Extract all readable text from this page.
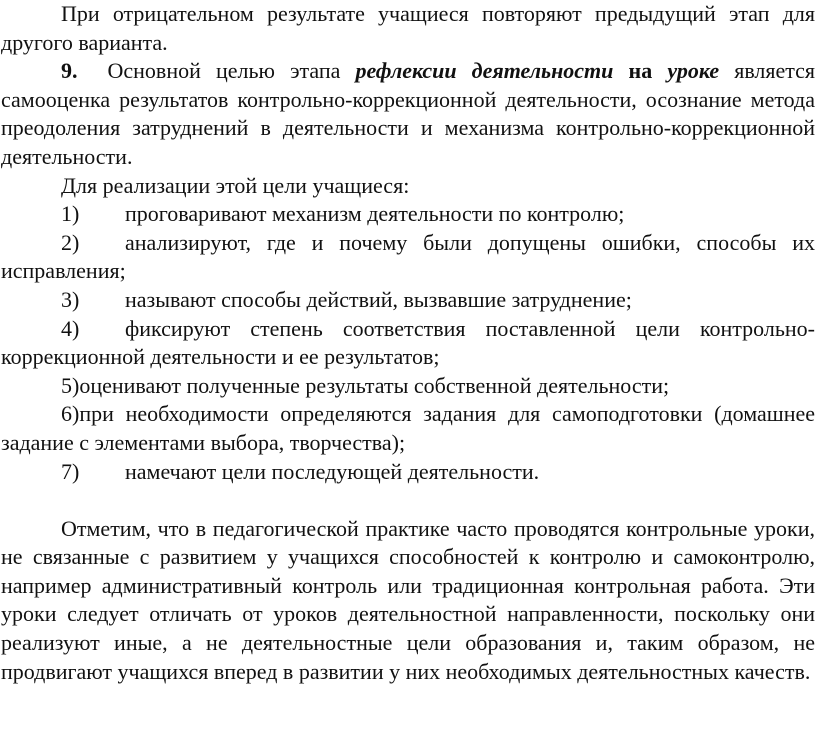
При отрицательном результате учащиеся повторяют предыдущий этап для другого варианта.

9. Основной целью этапа рефлексии деятельности на уроке является самооценка результатов контрольно-коррекционной деятельности, осознание метода преодоления затруднений в деятельности и механизма контрольно-коррекционной деятельности.

Для реализации этой цели учащиеся:

1) проговаривают механизм деятельности по контролю;

2) анализируют, где и почему были допущены ошибки, способы их исправления;

3) называют способы действий, вызвавшие затруднение;

4) фиксируют степень соответствия поставленной цели контрольно-коррекционной деятельности и ее результатов;

5)оценивают полученные результаты собственной деятельности;

6)при необходимости определяются задания для самоподготовки (домашнее задание с элементами выбора, творчества);

7) намечают цели последующей деятельности.

Отметим, что в педагогической практике часто проводятся контрольные уроки, не связанные с развитием у учащихся способностей к контролю и самоконтролю, например административный контроль или традиционная контрольная работа. Эти уроки следует отличать от уроков деятельностной направленности, поскольку они реализуют иные, а не деятельностные цели образования и, таким образом, не продвигают учащихся вперед в развитии у них необходимых деятельностных качеств.
